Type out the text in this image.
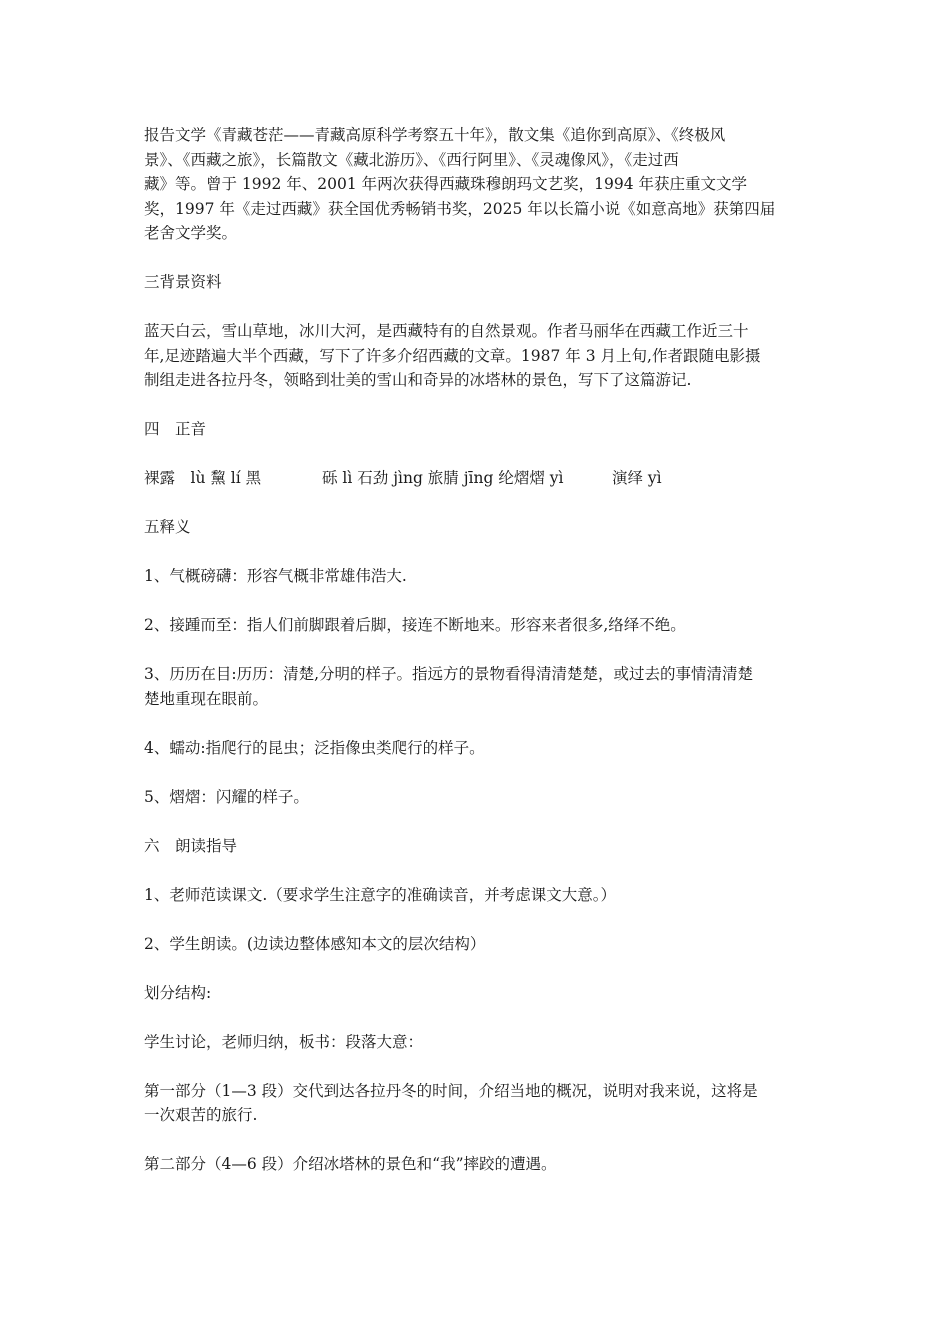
报告文学《青藏苍茫——青藏高原科学考察五十年》，散文集《追你到高原》、《终极风
景》、《西藏之旅》，长篇散文《藏北游历》、《西行阿里》、《灵魂像风》，《走过西
藏》等。曾于 1992 年、2001 年两次获得西藏珠穆朗玛文艺奖，1994 年获庄重文文学
奖，1997 年《走过西藏》获全国优秀畅销书奖，2025 年以长篇小说《如意高地》获第四届
老舍文学奖。

三背景资料

蓝天白云，雪山草地，冰川大河，是西藏特有的自然景观。作者马丽华在西藏工作近三十
年,足迹踏遍大半个西藏，写下了许多介绍西藏的文章。1987 年 3 月上旬,作者跟随电影摄
制组走进各拉丹冬，领略到壮美的雪山和奇异的冰塔林的景色，写下了这篇游记.

四　正音

裸露　lù 黧 lí 黑	砾 lì 石劲 jìng 旅腈 jīng 纶熠熠 yì	演绎 yì

五释义

1、气概磅礴：形容气概非常雄伟浩大.

2、接踵而至：指人们前脚跟着后脚，接连不断地来。形容来者很多,络绎不绝。

3、历历在目:历历：清楚,分明的样子。指远方的景物看得清清楚楚，或过去的事情清清楚
楚地重现在眼前。

4、蠕动:指爬行的昆虫；泛指像虫类爬行的样子。

5、熠熠：闪耀的样子。

六　朗读指导

1、老师范读课文.（要求学生注意字的准确读音，并考虑课文大意。）

2、学生朗读。(边读边整体感知本文的层次结构）

划分结构:

学生讨论，老师归纳，板书：段落大意：

第一部分（1—3 段）交代到达各拉丹冬的时间，介绍当地的概况，说明对我来说，这将是
一次艰苦的旅行.

第二部分（4—6 段）介绍冰塔林的景色和“我”摔跤的遭遇。
